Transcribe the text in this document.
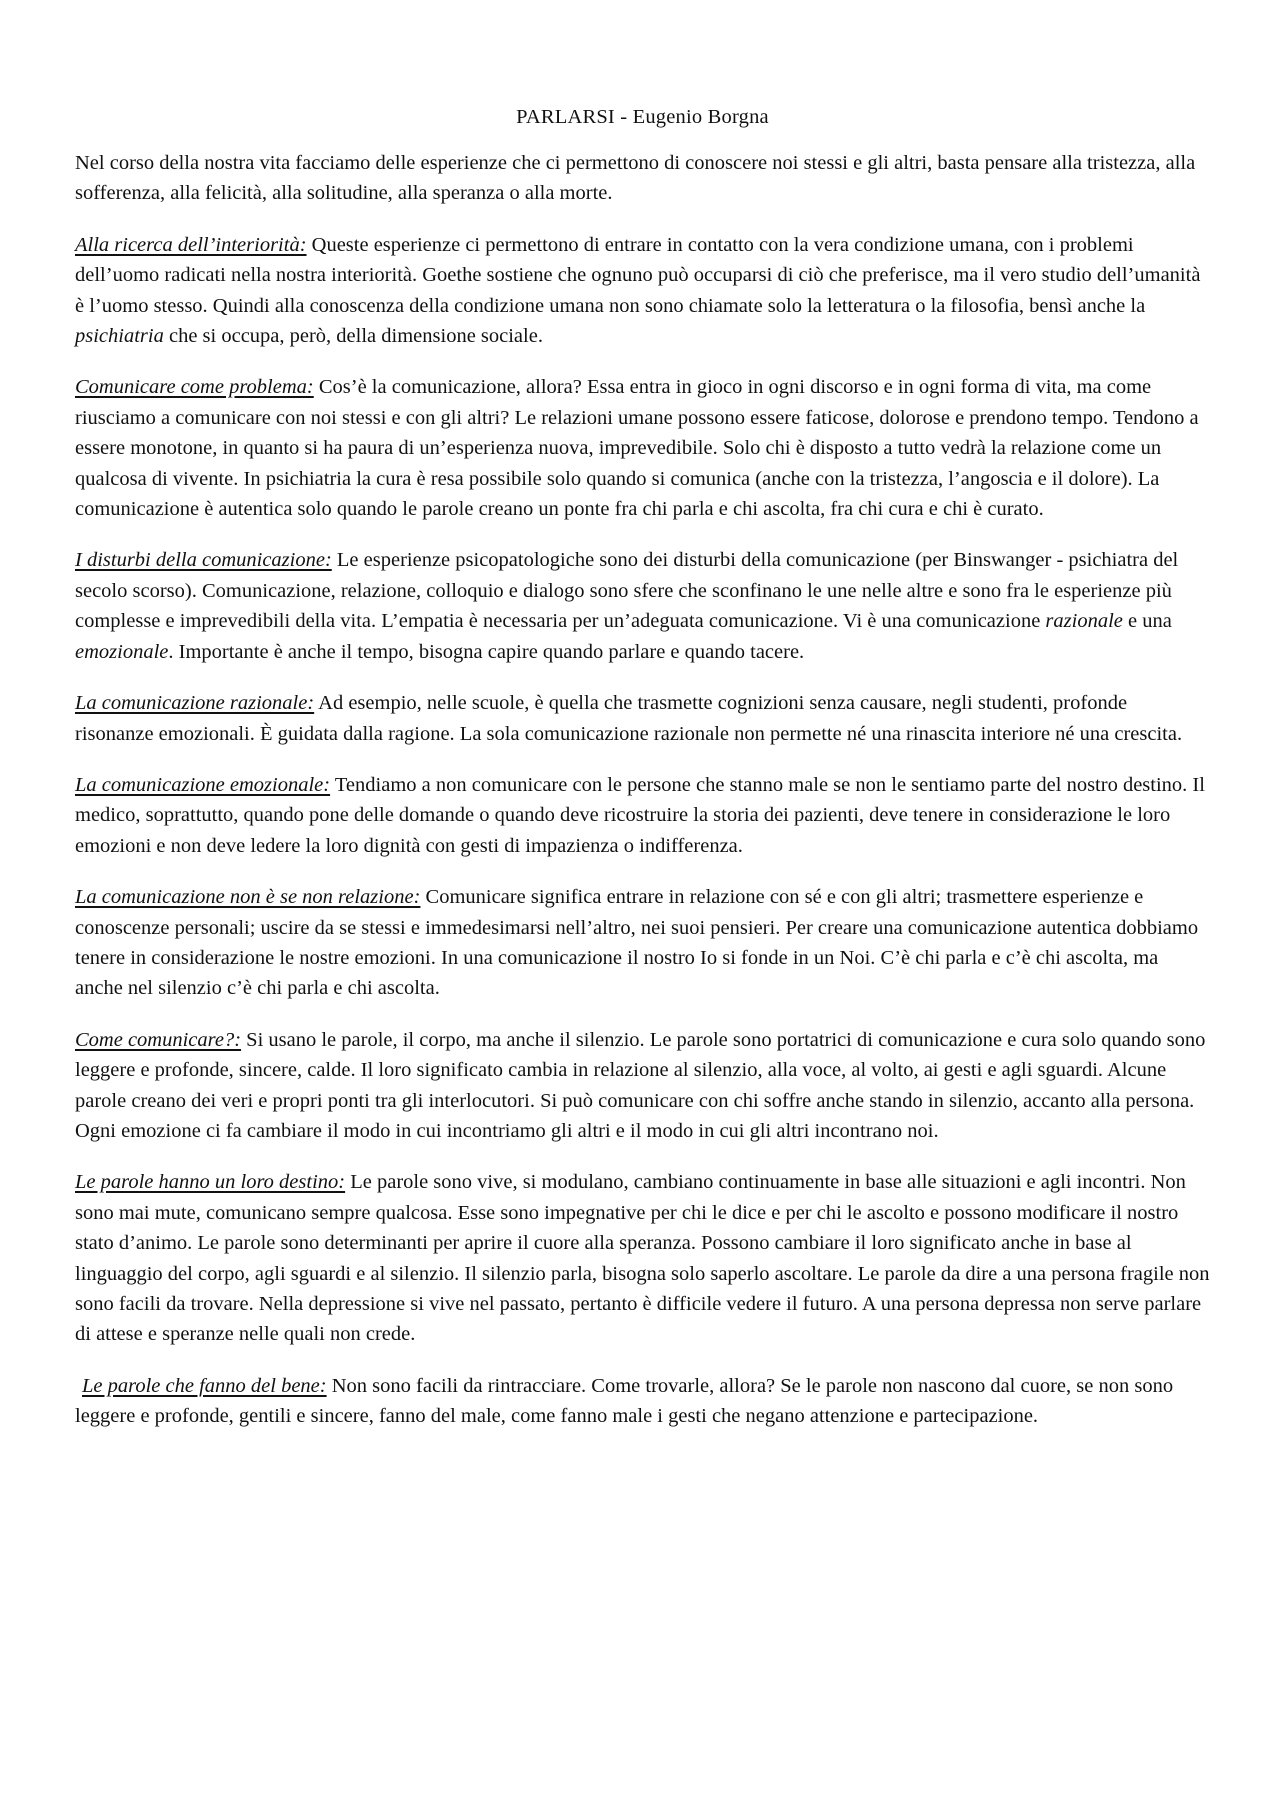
PARLARSI - Eugenio Borgna

Nel corso della nostra vita facciamo delle esperienze che ci permettono di conoscere noi stessi e gli altri, basta pensare alla tristezza, alla sofferenza, alla felicità, alla solitudine, alla speranza o alla morte.

Alla ricerca dell’interiorità: Queste esperienze ci permettono di entrare in contatto con la vera condizione umana, con i problemi dell’uomo radicati nella nostra interiorità. Goethe sostiene che ognuno può occuparsi di ciò che preferisce, ma il vero studio dell’umanità è l’uomo stesso. Quindi alla conoscenza della condizione umana non sono chiamate solo la letteratura o la filosofia, bensì anche la psichiatria che si occupa, però, della dimensione sociale.

Comunicare come problema: Cos’è la comunicazione, allora? Essa entra in gioco in ogni discorso e in ogni forma di vita, ma come riusciamo a comunicare con noi stessi e con gli altri? Le relazioni umane possono essere faticose, dolorose e prendono tempo. Tendono a essere monotone, in quanto si ha paura di un’esperienza nuova, imprevedibile. Solo chi è disposto a tutto vedrà la relazione come un qualcosa di vivente. In psichiatria la cura è resa possibile solo quando si comunica (anche con la tristezza, l’angoscia e il dolore). La comunicazione è autentica solo quando le parole creano un ponte fra chi parla e chi ascolta, fra chi cura e chi è curato.

I disturbi della comunicazione: Le esperienze psicopatologiche sono dei disturbi della comunicazione (per Binswanger - psichiatra del secolo scorso). Comunicazione, relazione, colloquio e dialogo sono sfere che sconfinano le une nelle altre e sono fra le esperienze più complesse e imprevedibili della vita. L’empatia è necessaria per un’adeguata comunicazione. Vi è una comunicazione razionale e una emozionale. Importante è anche il tempo, bisogna capire quando parlare e quando tacere.

La comunicazione razionale: Ad esempio, nelle scuole, è quella che trasmette cognizioni senza causare, negli studenti, profonde risonanze emozionali. È guidata dalla ragione. La sola comunicazione razionale non permette né una rinascita interiore né una crescita.

La comunicazione emozionale: Tendiamo a non comunicare con le persone che stanno male se non le sentiamo parte del nostro destino. Il medico, soprattutto, quando pone delle domande o quando deve ricostruire la storia dei pazienti, deve tenere in considerazione le loro emozioni e non deve ledere la loro dignità con gesti di impazienza o indifferenza.

La comunicazione non è se non relazione: Comunicare significa entrare in relazione con sé e con gli altri; trasmettere esperienze e conoscenze personali; uscire da se stessi e immedesimarsi nell’altro, nei suoi pensieri. Per creare una comunicazione autentica dobbiamo tenere in considerazione le nostre emozioni. In una comunicazione il nostro Io si fonde in un Noi. C’è chi parla e c’è chi ascolta, ma anche nel silenzio c’è chi parla e chi ascolta.

Come comunicare?: Si usano le parole, il corpo, ma anche il silenzio. Le parole sono portatrici di comunicazione e cura solo quando sono leggere e profonde, sincere, calde. Il loro significato cambia in relazione al silenzio, alla voce, al volto, ai gesti e agli sguardi. Alcune parole creano dei veri e propri ponti tra gli interlocutori. Si può comunicare con chi soffre anche stando in silenzio, accanto alla persona. Ogni emozione ci fa cambiare il modo in cui incontriamo gli altri e il modo in cui gli altri incontrano noi.

Le parole hanno un loro destino: Le parole sono vive, si modulano, cambiano continuamente in base alle situazioni e agli incontri. Non sono mai mute, comunicano sempre qualcosa. Esse sono impegnative per chi le dice e per chi le ascolto e possono modificare il nostro stato d’animo. Le parole sono determinanti per aprire il cuore alla speranza. Possono cambiare il loro significato anche in base al linguaggio del corpo, agli sguardi e al silenzio. Il silenzio parla, bisogna solo saperlo ascoltare. Le parole da dire a una persona fragile non sono facili da trovare. Nella depressione si vive nel passato, pertanto è difficile vedere il futuro. A una persona depressa non serve parlare di attese e speranze nelle quali non crede.

Le parole che fanno del bene: Non sono facili da rintracciare. Come trovarle, allora? Se le parole non nascono dal cuore, se non sono leggere e profonde, gentili e sincere, fanno del male, come fanno male i gesti che negano attenzione e partecipazione.
